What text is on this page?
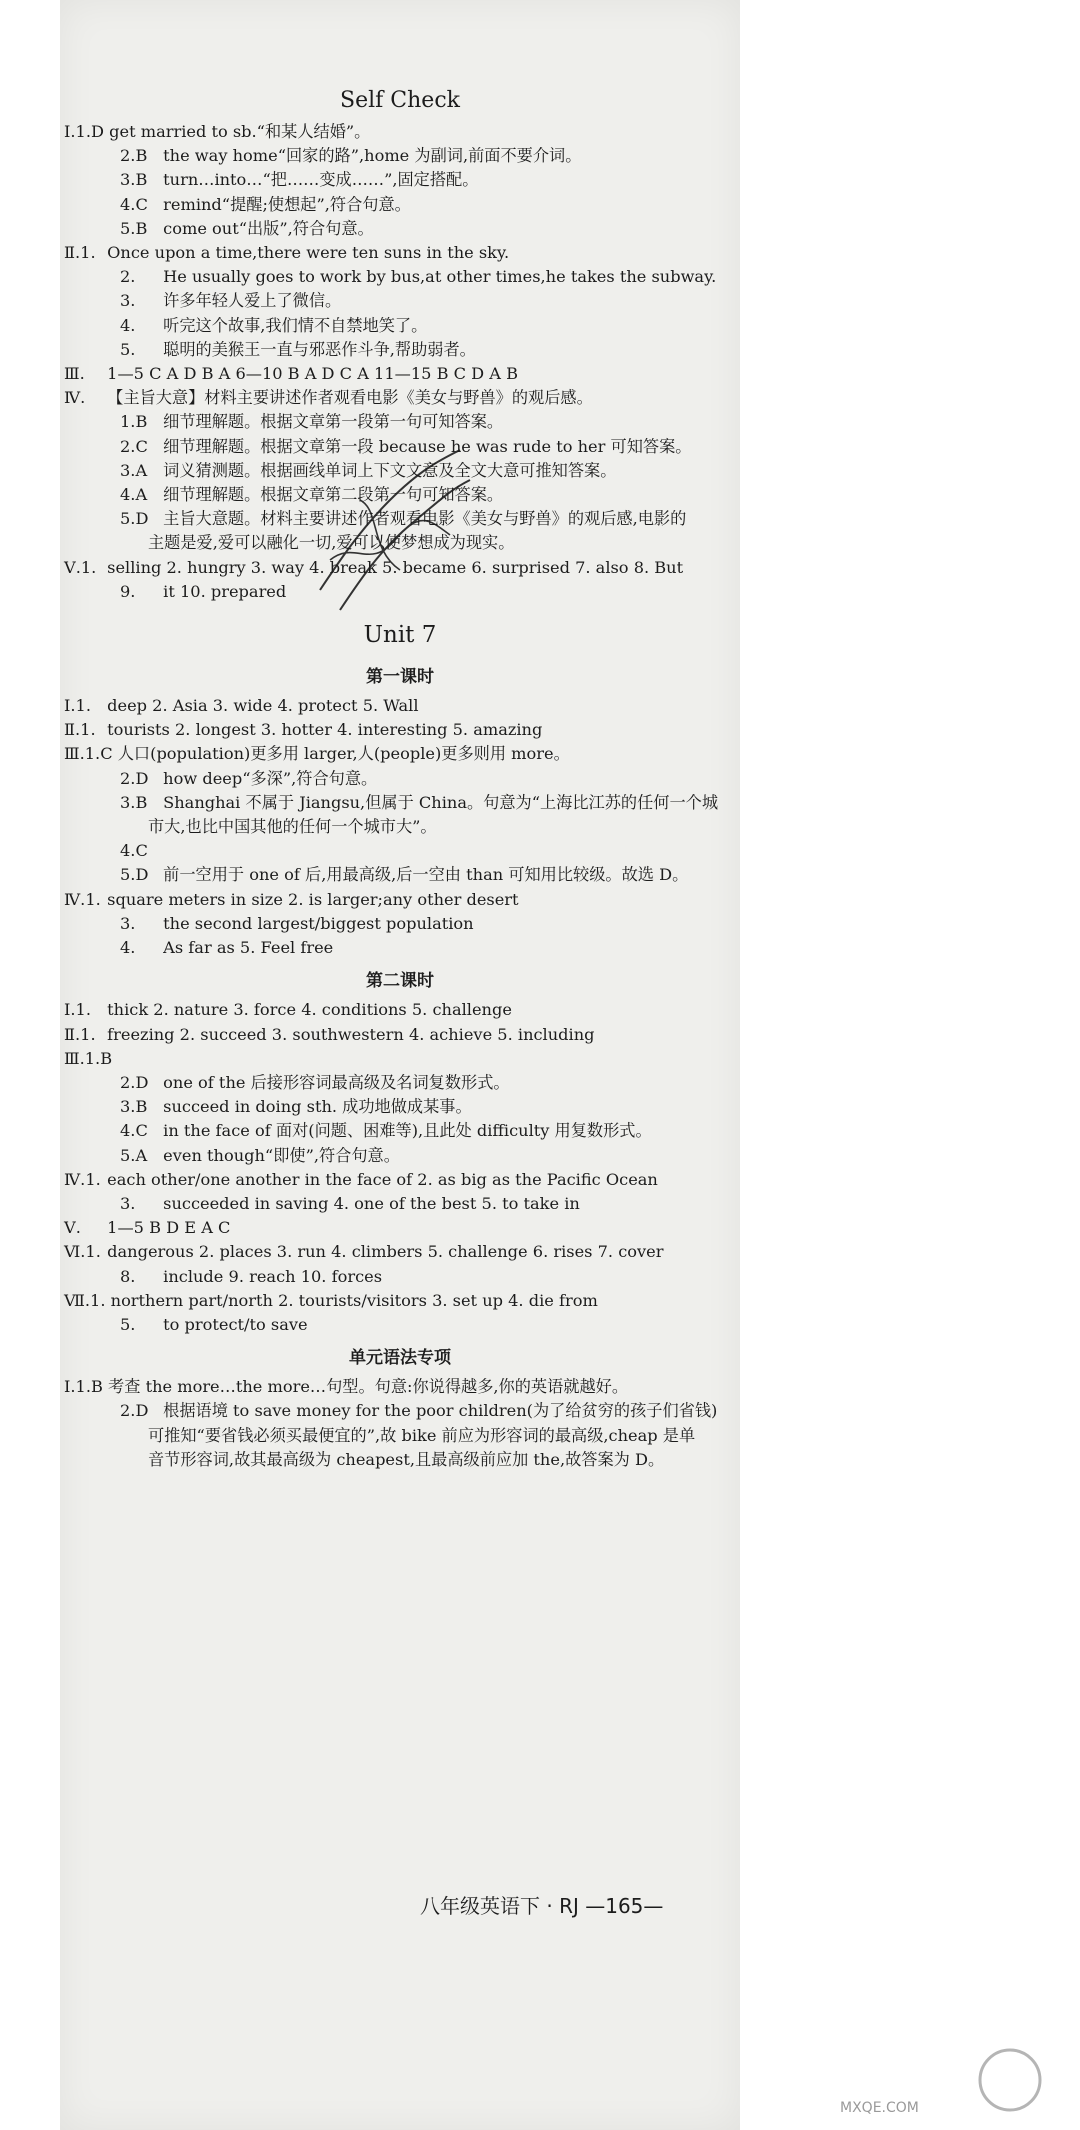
Self Check
Ⅰ.1.D get married to sb.“和某人结婚”。
2.B the way home“回家的路”,home 为副词,前面不要介词。
3.B turn…into…“把……变成……”,固定搭配。
4.C remind“提醒;使想起”,符合句意。
5.B come out“出版”,符合句意。
Ⅱ.1. Once upon a time,there were ten suns in the sky.
2. He usually goes to work by bus,at other times,he takes the subway.
3. 许多年轻人爱上了微信。
4. 听完这个故事,我们情不自禁地笑了。
5. 聪明的美猴王一直与邪恶作斗争,帮助弱者。
Ⅲ. 1—5 C A D B A 6—10 B A D C A 11—15 B C D A B
Ⅳ. 【主旨大意】材料主要讲述作者观看电影《美女与野兽》的观后感。
1.B 细节理解题。根据文章第一段第一句可知答案。
2.C 细节理解题。根据文章第一段 because he was rude to her 可知答案。
3.A 词义猜测题。根据画线单词上下文文意及全文大意可推知答案。
4.A 细节理解题。根据文章第二段第一句可知答案。
5.D 主旨大意题。材料主要讲述作者观看电影《美女与野兽》的观后感,电影的
主题是爱,爱可以融化一切,爱可以使梦想成为现实。
Ⅴ.1. selling 2. hungry 3. way 4. break 5. became 6. surprised 7. also 8. But
9. it 10. prepared
Unit 7
第一课时
Ⅰ.1. deep 2. Asia 3. wide 4. protect 5. Wall
Ⅱ.1. tourists 2. longest 3. hotter 4. interesting 5. amazing
Ⅲ.1.C 人口(population)更多用 larger,人(people)更多则用 more。
2.D how deep“多深”,符合句意。
3.B Shanghai 不属于 Jiangsu,但属于 China。句意为“上海比江苏的任何一个城
市大,也比中国其他的任何一个城市大”。
4.C
5.D 前一空用于 one of 后,用最高级,后一空由 than 可知用比较级。故选 D。
Ⅳ.1. square meters in size 2. is larger;any other desert
3. the second largest/biggest population
4. As far as 5. Feel free
第二课时
Ⅰ.1. thick 2. nature 3. force 4. conditions 5. challenge
Ⅱ.1. freezing 2. succeed 3. southwestern 4. achieve 5. including
Ⅲ.1.B
2.D one of the 后接形容词最高级及名词复数形式。
3.B succeed in doing sth. 成功地做成某事。
4.C in the face of 面对(问题、困难等),且此处 difficulty 用复数形式。
5.A even though“即使”,符合句意。
Ⅳ.1. each other/one another in the face of 2. as big as the Pacific Ocean
3. succeeded in saving 4. one of the best 5. to take in
Ⅴ. 1—5 B D E A C
Ⅵ.1. dangerous 2. places 3. run 4. climbers 5. challenge 6. rises 7. cover
8. include 9. reach 10. forces
Ⅶ.1. northern part/north 2. tourists/visitors 3. set up 4. die from
5. to protect/to save
单元语法专项
Ⅰ.1.B 考查 the more…the more…句型。句意:你说得越多,你的英语就越好。
2.D 根据语境 to save money for the poor children(为了给贫穷的孩子们省钱)
可推知“要省钱必须买最便宜的”,故 bike 前应为形容词的最高级,cheap 是单
音节形容词,故其最高级为 cheapest,且最高级前应加 the,故答案为 D。
八年级英语下 · RJ —165—
MXQE.COM
